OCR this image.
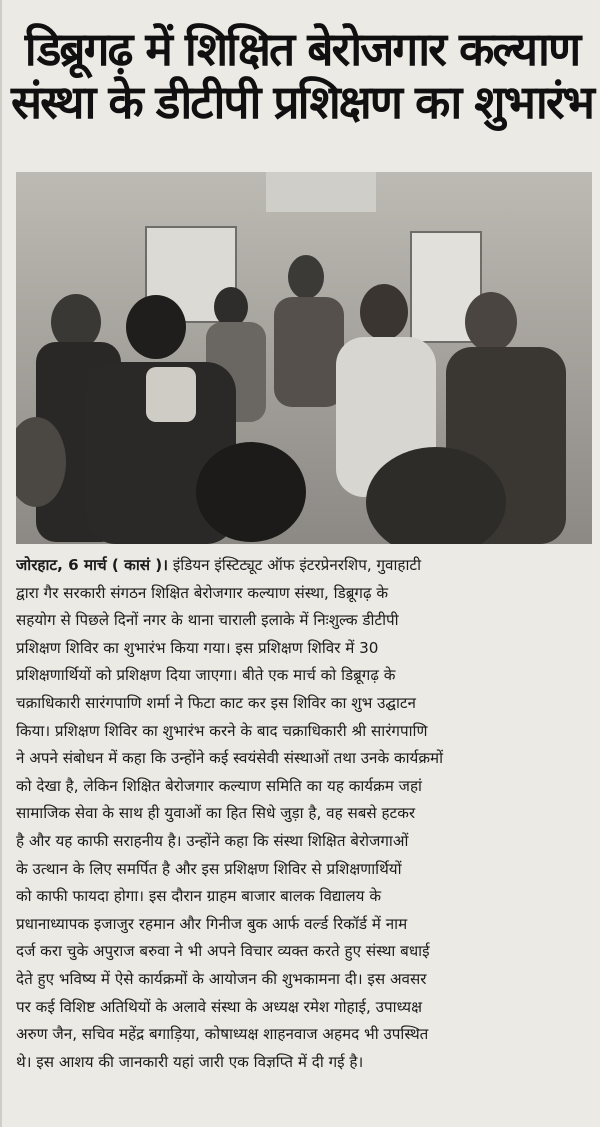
डिब्रूगढ़ में शिक्षित बेरोजगार कल्याण
संस्था के डीटीपी प्रशिक्षण का शुभारंभ
जोरहाट, 6 मार्च ( कासं )। इंडियन इंस्टिट्यूट ऑफ इंटरप्रेनरशिप, गुवाहाटी
द्वारा गैर सरकारी संगठन शिक्षित बेरोजगार कल्याण संस्था, डिब्रूगढ़ के
सहयोग से पिछले दिनों नगर के थाना चाराली इलाके में निःशुल्क डीटीपी
प्रशिक्षण शिविर का शुभारंभ किया गया। इस प्रशिक्षण शिविर में 30
प्रशिक्षणार्थियों को प्रशिक्षण दिया जाएगा। बीते एक मार्च को डिब्रूगढ़ के
चक्राधिकारी सारंगपाणि शर्मा ने फिटा काट कर इस शिविर का शुभ उद्घाटन
किया। प्रशिक्षण शिविर का शुभारंभ करने के बाद चक्राधिकारी श्री सारंगपाणि
ने अपने संबोधन में कहा कि उन्होंने कई स्वयंसेवी संस्थाओं तथा उनके कार्यक्रमों
को देखा है, लेकिन शिक्षित बेरोजगार कल्याण समिति का यह कार्यक्रम जहां
सामाजिक सेवा के साथ ही युवाओं का हित सिधे जुड़ा है, वह सबसे हटकर
है और यह काफी सराहनीय है। उन्होंने कहा कि संस्था शिक्षित बेरोजगाओं
के उत्थान के लिए समर्पित है और इस प्रशिक्षण शिविर से प्रशिक्षणार्थियों
को काफी फायदा होगा। इस दौरान ग्राहम बाजार बालक विद्यालय के
प्रधानाध्यापक इजाजुर रहमान और गिनीज बुक आर्फ वर्ल्ड रिकॉर्ड में नाम
दर्ज करा चुके अपुराज बरुवा ने भी अपने विचार व्यक्त करते हुए संस्था बधाई
देते हुए भविष्य में ऐसे कार्यक्रमों के आयोजन की शुभकामना दी। इस अवसर
पर कई विशिष्ट अतिथियों के अलावे संस्था के अध्यक्ष रमेश गोहाई, उपाध्यक्ष
अरुण जैन, सचिव महेंद्र बगाड़िया, कोषाध्यक्ष शाहनवाज अहमद भी उपस्थित
थे। इस आशय की जानकारी यहां जारी एक विज्ञप्ति में दी गई है।
